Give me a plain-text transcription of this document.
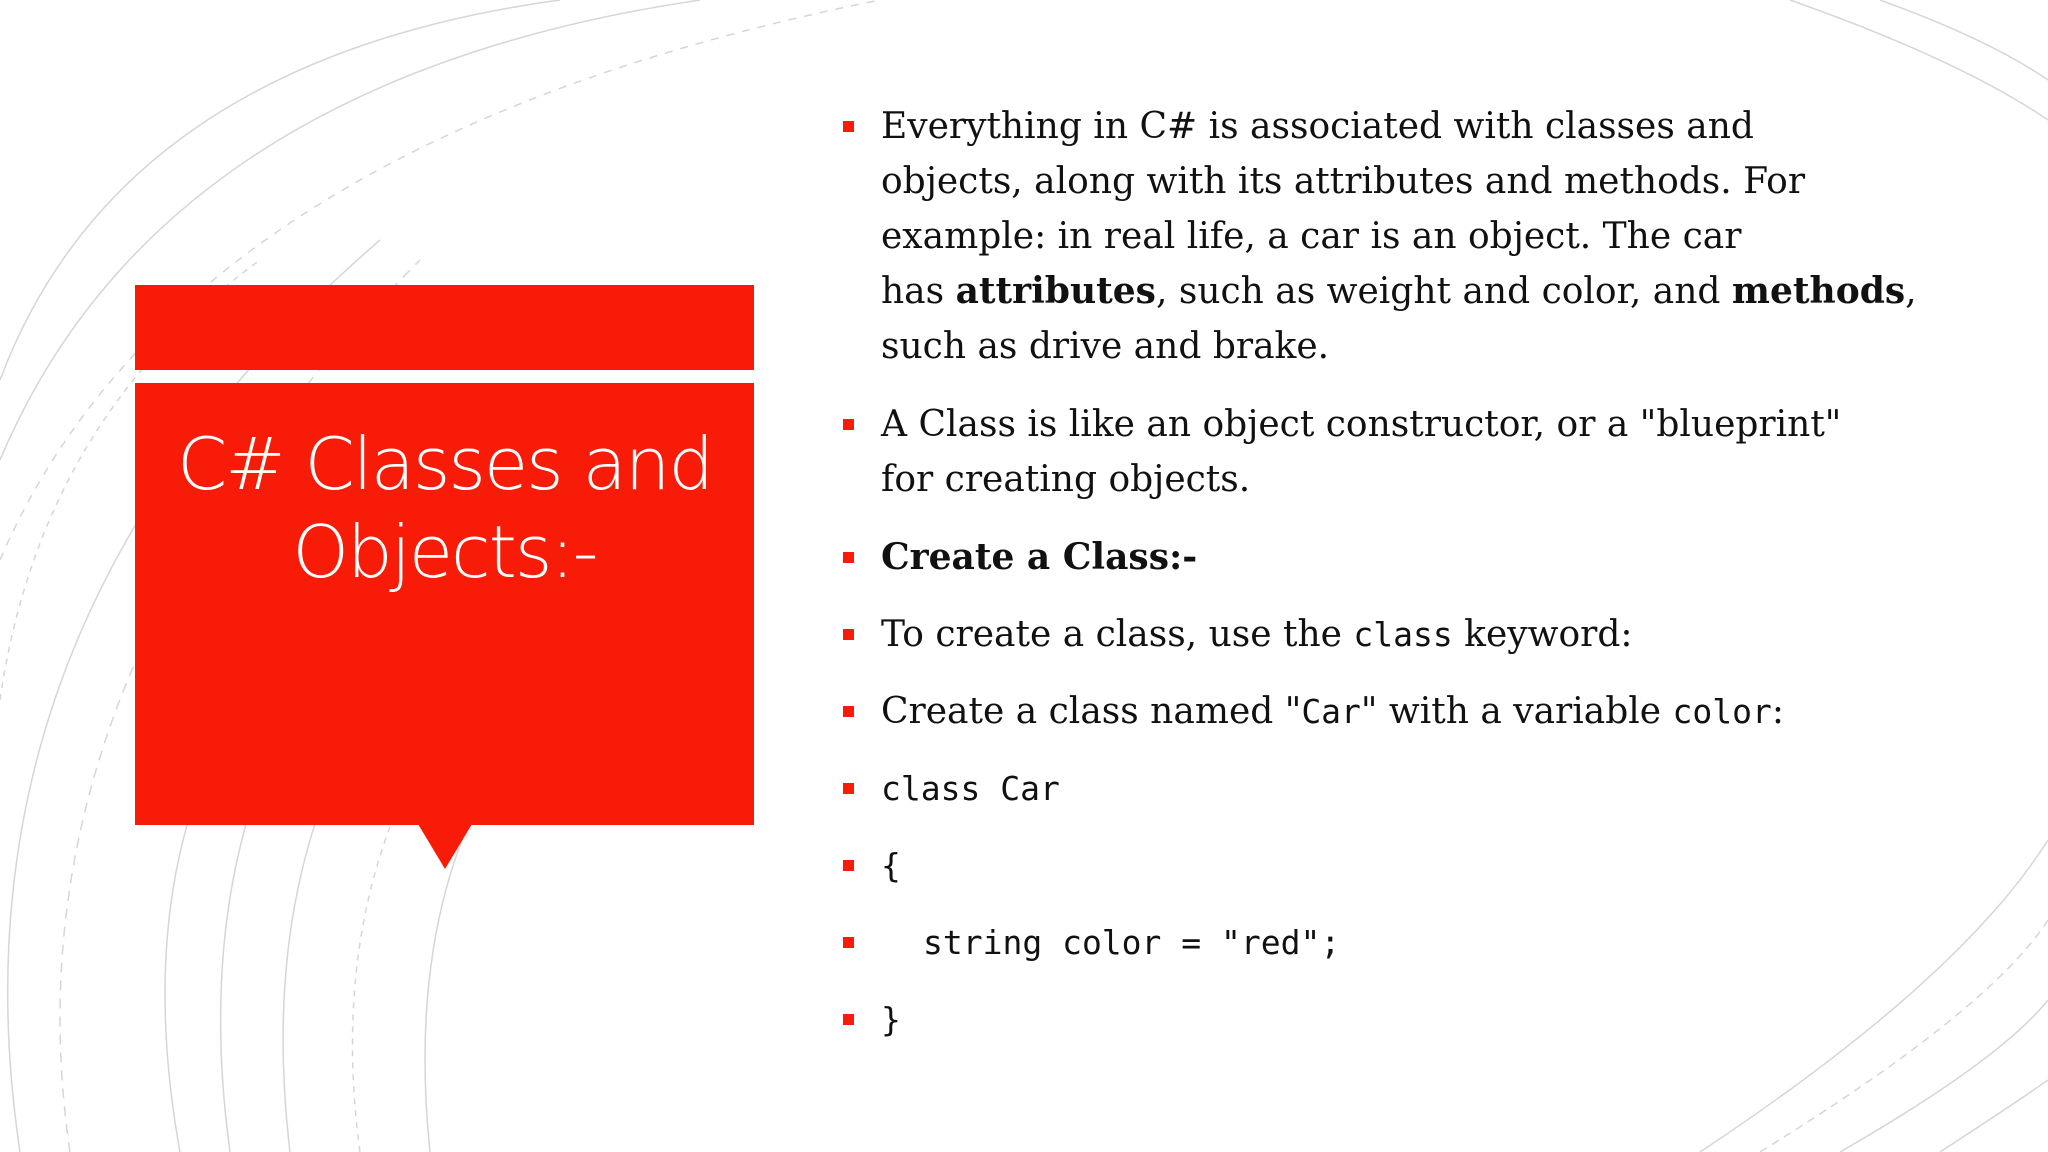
C# Classes and
Objects:-
Everything in C# is associated with classes and
objects, along with its attributes and methods. For
example: in real life, a car is an object. The car
has attributes, such as weight and color, and methods,
such as drive and brake.
A Class is like an object constructor, or a "blueprint"
for creating objects.
Create a Class:-
To create a class, use the class keyword:
Create a class named "Car" with a variable color:
class Car
{
string color = "red";
}
